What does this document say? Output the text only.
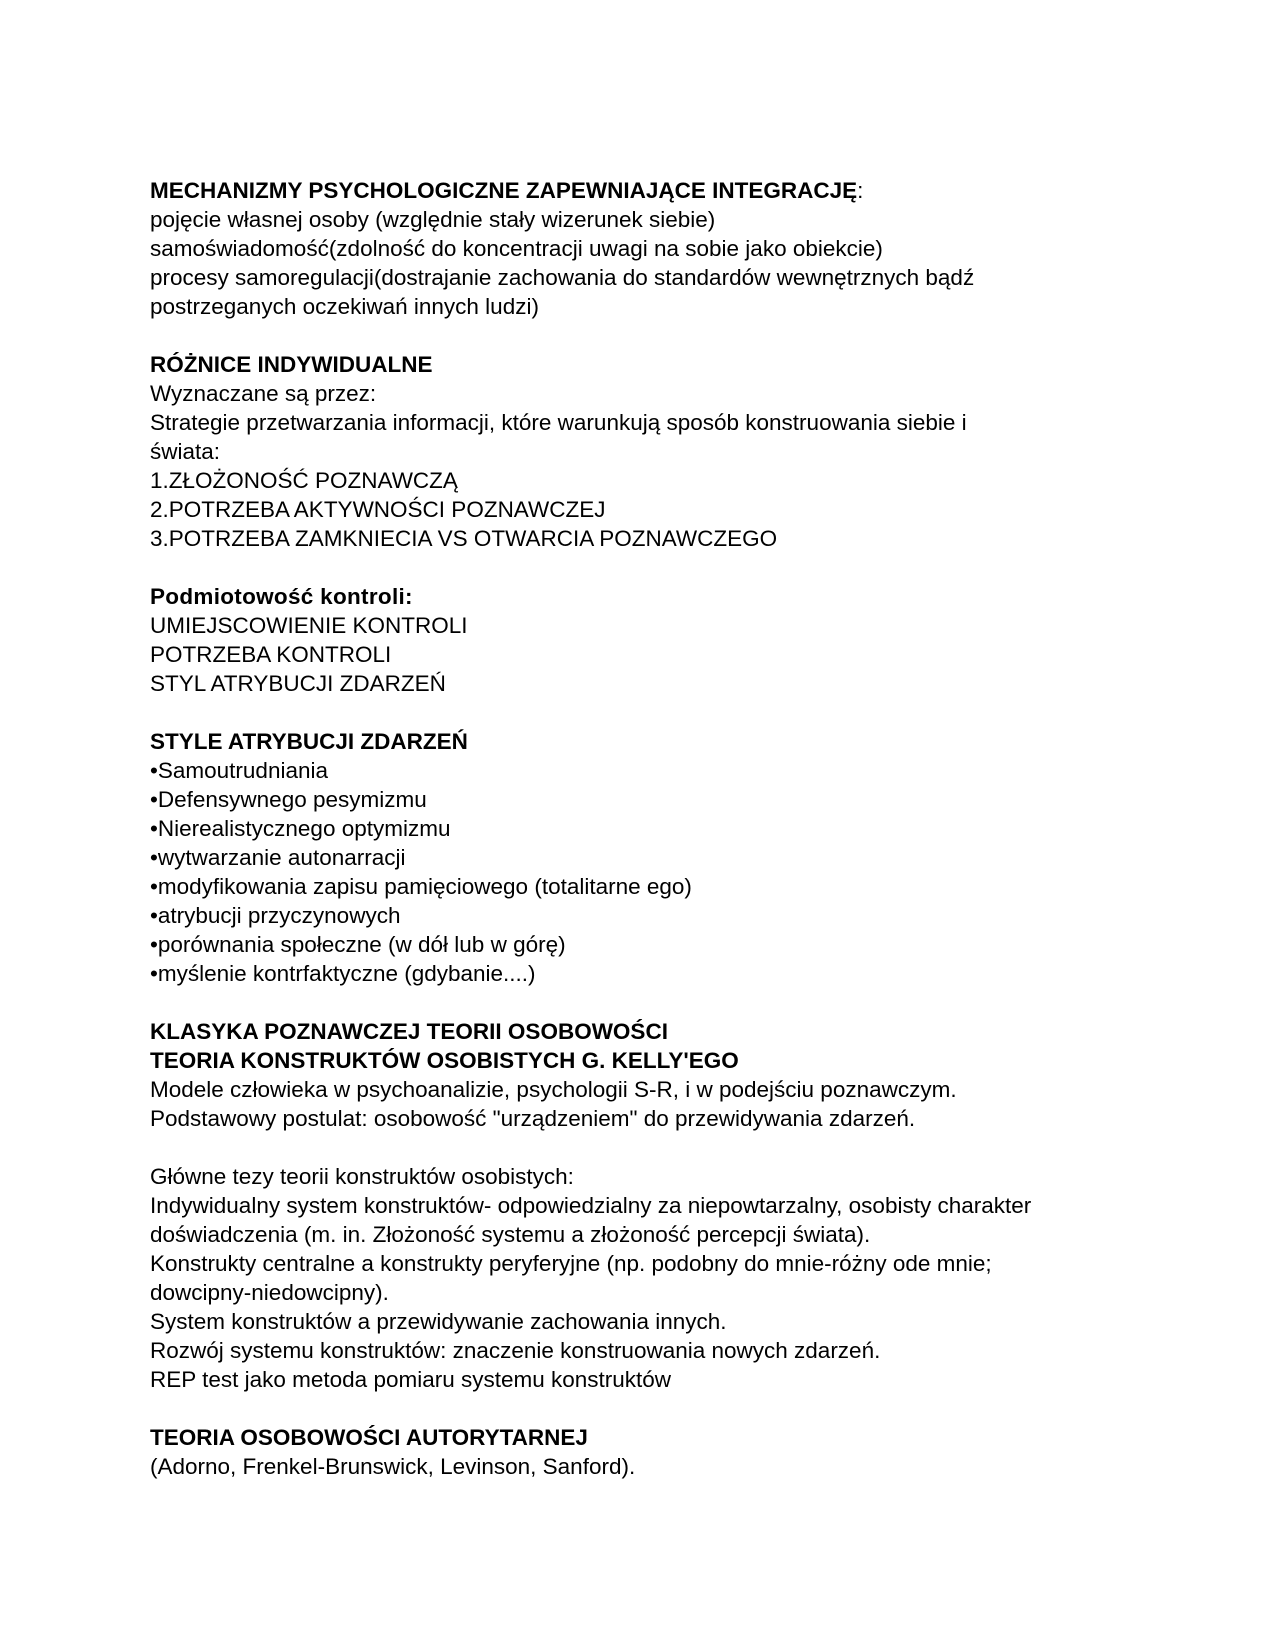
MECHANIZMY PSYCHOLOGICZNE ZAPEWNIAJĄCE INTEGRACJĘ:
pojęcie własnej osoby (względnie stały wizerunek siebie)
samoświadomość(zdolność do koncentracji uwagi na sobie jako obiekcie)
procesy samoregulacji(dostrajanie zachowania do standardów wewnętrznych bądź postrzeganych oczekiwań innych ludzi)
RÓŻNICE INDYWIDUALNE
Wyznaczane są przez:
Strategie przetwarzania informacji, które warunkują sposób konstruowania siebie i świata:
1.ZŁOŻONOŚĆ POZNAWCZĄ
2.POTRZEBA AKTYWNOŚCI POZNAWCZEJ
3.POTRZEBA ZAMKNIECIA VS OTWARCIA POZNAWCZEGO
Podmiotowość kontroli:
UMIEJSCOWIENIE KONTROLI
POTRZEBA KONTROLI
STYL ATRYBUCJI ZDARZEŃ
STYLE ATRYBUCJI ZDARZEŃ
•Samoutrudniania
•Defensywnego pesymizmu
•Nierealistycznego optymizmu
•wytwarzanie autonarracji
•modyfikowania zapisu pamięciowego (totalitarne ego)
•atrybucji przyczynowych
•porównania społeczne (w dół lub w górę)
•myślenie kontrfaktyczne (gdybanie....)
KLASYKA POZNAWCZEJ TEORII OSOBOWOŚCI
TEORIA KONSTRUKTÓW OSOBISTYCH G. KELLY'EGO
Modele człowieka w psychoanalizie, psychologii S-R, i w podejściu poznawczym.
Podstawowy postulat: osobowość "urządzeniem" do przewidywania zdarzeń.
Główne tezy teorii konstruktów osobistych:
Indywidualny system konstruktów- odpowiedzialny za niepowtarzalny, osobisty charakter doświadczenia (m. in. Złożoność systemu a złożoność percepcji świata).
Konstrukty centralne a konstrukty peryferyjne (np. podobny do mnie-różny ode mnie; dowcipny-niedowcipny).
System konstruktów a przewidywanie zachowania innych.
Rozwój systemu konstruktów: znaczenie konstruowania nowych zdarzeń.
REP test jako metoda pomiaru systemu konstruktów
TEORIA OSOBOWOŚCI AUTORYTARNEJ
(Adorno, Frenkel-Brunswick, Levinson, Sanford).
